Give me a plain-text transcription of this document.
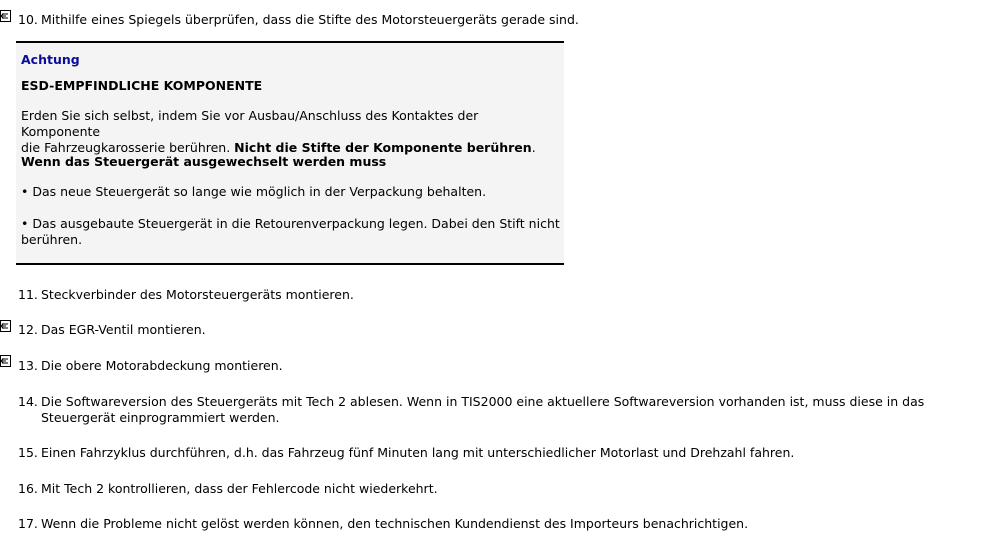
10. Mithilfe eines Spiegels überprüfen, dass die Stifte des Motorsteuergeräts gerade sind.
Achtung
ESD-EMPFINDLICHE KOMPONENTE
Erden Sie sich selbst, indem Sie vor Ausbau/Anschluss des Kontaktes der Komponente
die Fahrzeugkarosserie berühren. Nicht die Stifte der Komponente berühren.
Wenn das Steuergerät ausgewechselt werden muss
• Das neue Steuergerät so lange wie möglich in der Verpackung behalten.
• Das ausgebaute Steuergerät in die Retourenverpackung legen. Dabei den Stift nicht
berühren.
11. Steckverbinder des Motorsteuergeräts montieren.
12. Das EGR-Ventil montieren.
13. Die obere Motorabdeckung montieren.
14. Die Softwareversion des Steuergeräts mit Tech 2 ablesen. Wenn in TIS2000 eine aktuellere Softwareversion vorhanden ist, muss diese in das
Steuergerät einprogrammiert werden.
15. Einen Fahrzyklus durchführen, d.h. das Fahrzeug fünf Minuten lang mit unterschiedlicher Motorlast und Drehzahl fahren.
16. Mit Tech 2 kontrollieren, dass der Fehlercode nicht wiederkehrt.
17. Wenn die Probleme nicht gelöst werden können, den technischen Kundendienst des Importeurs benachrichtigen.
